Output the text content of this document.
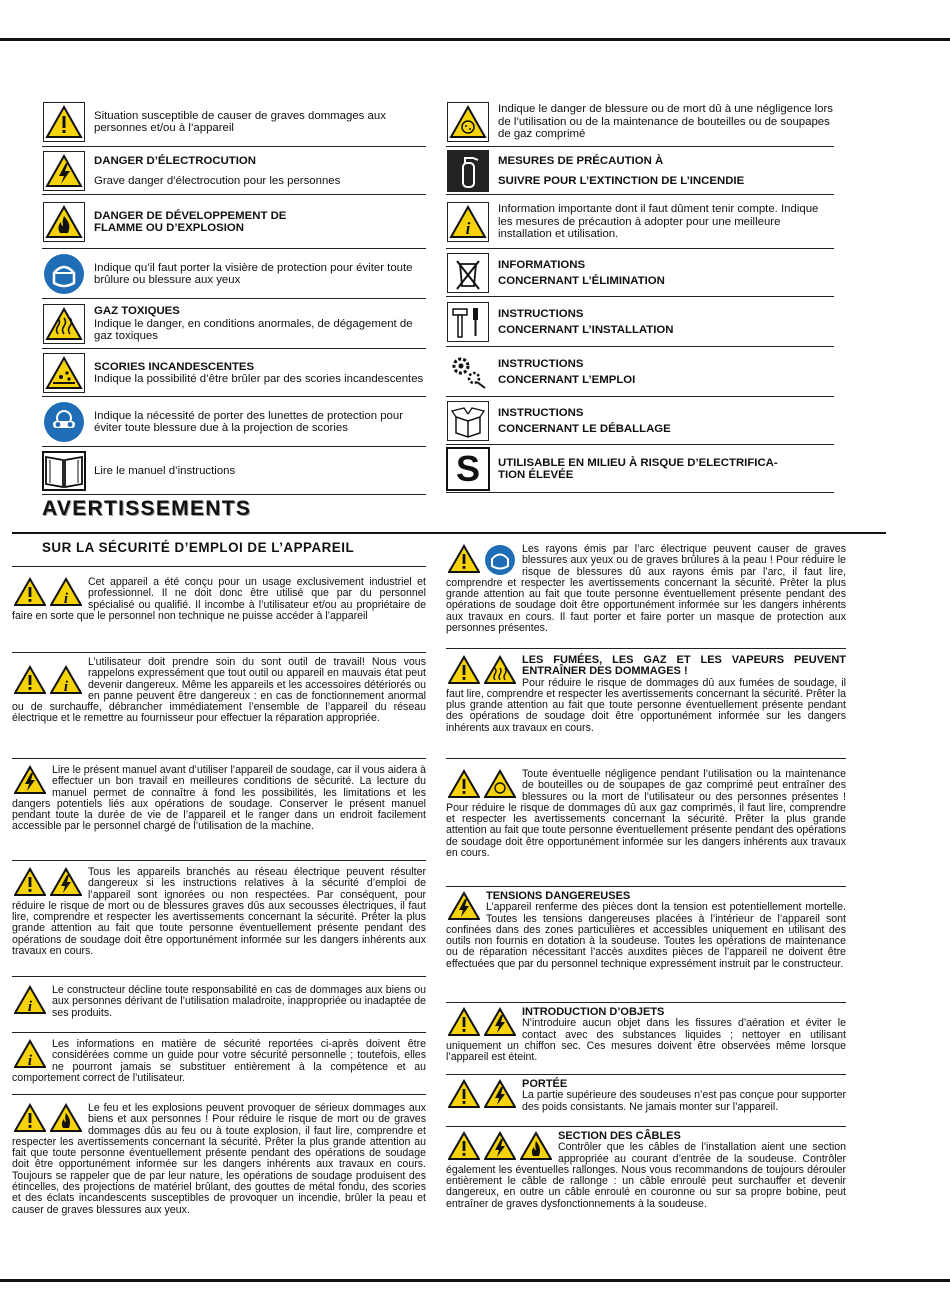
Situation susceptible de causer de graves dommages aux personnes et/ou à l’appareil
DANGER D’ÉLECTROCUTION
Grave danger d’électrocution pour les personnes
DANGER DE DÉVELOPPEMENT DE FLAMME OU D’EXPLOSION
Indique qu’il faut porter la visière de protection pour éviter toute brûlure ou blessure aux yeux
GAZ TOXIQUES
Indique le danger, en conditions anormales, de dégagement de gaz toxiques
SCORIES INCANDESCENTES
Indique la possibilité d’être brûler par des scories incandescentes
Indique la nécessité de porter des lunettes de protection pour éviter toute blessure due à la projection de scories
Lire le manuel d’instructions
Indique le danger de blessure ou de mort dû à une négligence lors de l’utilisation ou de la maintenance de bouteilles ou de soupapes de gaz comprimé
MESURES DE PRÉCAUTION À
SUIVRE POUR L’EXTINCTION DE L’INCENDIE
i
Information importante dont il faut dûment tenir compte. Indique les mesures de précaution à adopter pour une meilleure installation et utilisation.
INFORMATIONS
CONCERNANT L’ÉLIMINATION
INSTRUCTIONS
CONCERNANT L’INSTALLATION
INSTRUCTIONS
CONCERNANT L’EMPLOI
INSTRUCTIONS
CONCERNANT LE DÉBALLAGE
S UTILISABLE EN MILIEU À RISQUE D’ELECTRIFICA-
TION ÉLEVÉE
AVERTISSEMENTS
SUR LA SÉCURITÉ D’EMPLOI DE L’APPAREIL
i
Cet appareil a été conçu pour un usage exclusivement industriel et professionnel. Il ne doit donc être utilisé que par du personnel spécialisé ou qualifié. Il incombe à l’utilisateur et/ou au propriétaire de faire en sorte que le personnel non technique ne puisse accéder à l’appareil
i
L’utilisateur doit prendre soin du sont outil de travail! Nous vous rappelons expressément que tout outil ou appareil en mauvais état peut devenir dangereux. Même les appareils et les accessoires détériorés ou en panne peuvent être dangereux : en cas de fonctionnement anormal ou de surchauffe, débrancher immédiatement l’ensemble de l’appareil du réseau électrique et le remettre au fournisseur pour effectuer la réparation appropriée.
Lire le présent manuel avant d’utiliser l’appareil de soudage, car il vous aidera à effectuer un bon travail en meilleures conditions de sécurité. La lecture du manuel permet de connaître à fond les possibilités, les limitations et les dangers potentiels liés aux opérations de soudage. Conserver le présent manuel pendant toute la durée de vie de l’appareil et le ranger dans un endroit facilement accessible par le personnel chargé de l’utilisation de la machine.
Tous les appareils branchés au réseau électrique peuvent résulter dangereux si les instructions relatives à la sécurité d’emploi de l’appareil sont ignorées ou non respectées. Par conséquent, pour réduire le risque de mort ou de blessures graves dûs aux secousses électriques, il faut lire, comprendre et respecter les avertissements concernant la sécurité. Prêter la plus grande attention au fait que toute personne éventuellement présente pendant des opérations de soudage doit être opportunément informée sur les dangers inhérents aux travaux en cours.
i
Le constructeur décline toute responsabilité en cas de dommages aux biens ou aux personnes dérivant de l’utilisation maladroite, inappropriée ou inadaptée de ses produits.
i
Les informations en matière de sécurité reportées ci-après doivent être considérées comme un guide pour votre sécurité personnelle ; toutefois, elles ne pourront jamais se substituer entièrement à la compétence et au comportement correct de l’utilisateur.
Le feu et les explosions peuvent provoquer de sérieux dommages aux biens et aux personnes ! Pour réduire le risque de mort ou de graves dommages dûs au feu ou à toute explosion, il faut lire, comprendre et respecter les avertissements concernant la sécurité. Prêter la plus grande attention au fait que toute personne éventuellement présente pendant des opérations de soudage doit être opportunément informée sur les dangers inhérents aux travaux en cours. Toujours se rappeler que de par leur nature, les opérations de soudage produisent des étincelles, des projections de matériel brûlant, des gouttes de métal fondu, des scories et des éclats incandescents susceptibles de provoquer un incendie, brûler la peau et causer de graves blessures aux yeux.
Les rayons émis par l’arc électrique peuvent causer de graves blessures aux yeux ou de graves brûlures à la peau ! Pour réduire le risque de blessures dû aux rayons émis par l’arc, il faut lire, comprendre et respecter les avertissements concernant la sécurité. Prêter la plus grande attention au fait que toute personne éventuellement présente pendant des opérations de soudage doit être opportunément informée sur les dangers inhérents aux travaux en cours. Il faut porter et faire porter un masque de protection aux personnes présentes.
LES FUMÉES, LES GAZ ET LES VAPEURS PEUVENT ENTRAÎNER DES DOMMAGES !
Pour réduire le risque de dommages dû aux fumées de soudage, il faut lire, comprendre et respecter les avertissements concernant la sécurité. Prêter la plus grande attention au fait que toute personne éventuellement présente pendant des opérations de soudage doit être opportunément informée sur les dangers inhérents aux travaux en cours.
Toute éventuelle négligence pendant l’utilisation ou la maintenance de bouteilles ou de soupapes de gaz comprimé peut entraîner des blessures ou la mort de l’utilisateur ou des personnes présentes ! Pour réduire le risque de dommages dû aux gaz comprimés, il faut lire, comprendre et respecter les avertissements concernant la sécurité. Prêter la plus grande attention au fait que toute personne éventuellement présente pendant des opérations de soudage doit être opportunément informée sur les dangers inhérents aux travaux en cours.
TENSIONS DANGEREUSES
L’appareil renferme des pièces dont la tension est potentiellement mortelle. Toutes les tensions dangereuses placées à l’intérieur de l’appareil sont confinées dans des zones particulières et accessibles uniquement en utilisant des outils non fournis en dotation à la soudeuse. Toutes les opérations de maintenance ou de réparation nécessitant l’accès auxdites pièces de l’appareil ne doivent être effectuées que par du personnel technique expressément instruit par le constructeur.
INTRODUCTION D’OBJETS
N’introduire aucun objet dans les fissures d’aération et éviter le contact avec des substances liquides ; nettoyer en utilisant uniquement un chiffon sec. Ces mesures doivent être observées même lorsque l’appareil est éteint.
PORTÉE
La partie supérieure des soudeuses n’est pas conçue pour supporter des poids consistants. Ne jamais monter sur l’appareil.
SECTION DES CÂBLES
Contrôler que les câbles de l’installation aient une section appropriée au courant d’entrée de la soudeuse. Contrôler également les éventuelles rallonges. Nous vous recommandons de toujours dérouler entièrement le câble de rallonge : un câble enroulé peut surchauffer et devenir dangereux, en outre un câble enroulé en couronne ou sur sa propre bobine, peut entraîner de graves dysfonctionnements à la soudeuse.
